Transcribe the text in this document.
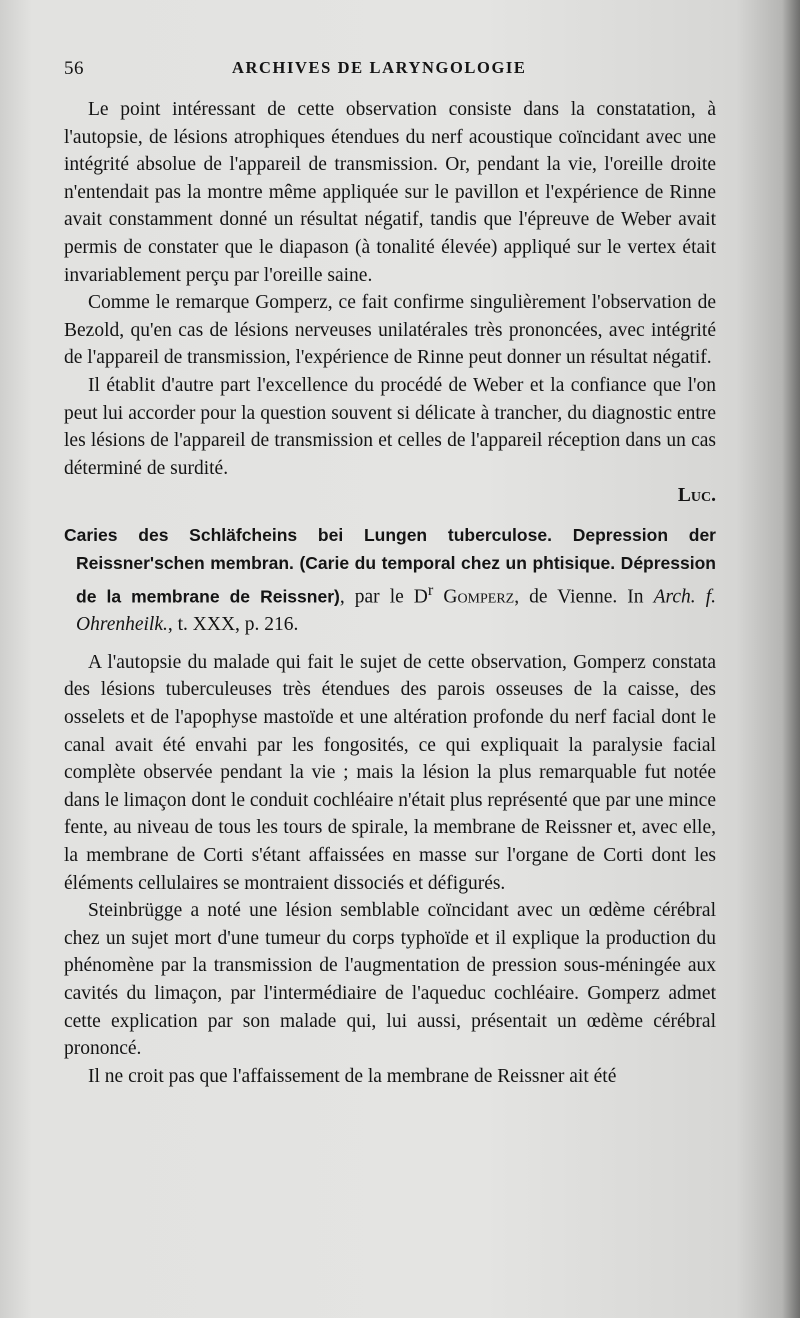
56	ARCHIVES DE LARYNGOLOGIE

Le point intéressant de cette observation consiste dans la constatation, à l'autopsie, de lésions atrophiques étendues du nerf acoustique coïncidant avec une intégrité absolue de l'appareil de transmission. Or, pendant la vie, l'oreille droite n'entendait pas la montre même appliquée sur le pavillon et l'expérience de Rinne avait constamment donné un résultat négatif, tandis que l'épreuve de Weber avait permis de constater que le diapason (à tonalité élevée) appliqué sur le vertex était invariablement perçu par l'oreille saine.

Comme le remarque Gomperz, ce fait confirme singulièrement l'observation de Bezold, qu'en cas de lésions nerveuses unilatérales très prononcées, avec intégrité de l'appareil de transmission, l'expérience de Rinne peut donner un résultat négatif.

Il établit d'autre part l'excellence du procédé de Weber et la confiance que l'on peut lui accorder pour la question souvent si délicate à trancher, du diagnostic entre les lésions de l'appareil de transmission et celles de l'appareil réception dans un cas déterminé de surdité.

Luc.

Caries des Schläfcheins bei Lungen tuberculose. Depression der Reissner'schen membran. (Carie du temporal chez un phtisique. Dépression de la membrane de Reissner), par le $D^r$ Gomperz, de Vienne. In Arch. f. Ohrenheilk., t. XXX, p. 216.

A l'autopsie du malade qui fait le sujet de cette observation, Gomperz constata des lésions tuberculeuses très étendues des parois osseuses de la caisse, des osselets et de l'apophyse mastoïde et une altération profonde du nerf facial dont le canal avait été envahi par les fongosités, ce qui expliquait la paralysie facial complète observée pendant la vie ; mais la lésion la plus remarquable fut notée dans le limaçon dont le conduit cochléaire n'était plus représenté que par une mince fente, au niveau de tous les tours de spirale, la membrane de Reissner et, avec elle, la membrane de Corti s'étant affaissées en masse sur l'organe de Corti dont les éléments cellulaires se montraient dissociés et défigurés.

Steinbrügge a noté une lésion semblable coïncidant avec un œdème cérébral chez un sujet mort d'une tumeur du corps typhoïde et il explique la production du phénomène par la transmission de l'augmentation de pression sous-méningée aux cavités du limaçon, par l'intermédiaire de l'aqueduc cochléaire. Gomperz admet cette explication par son malade qui, lui aussi, présentait un œdème cérébral prononcé.

Il ne croit pas que l'affaissement de la membrane de Reissner ait été
